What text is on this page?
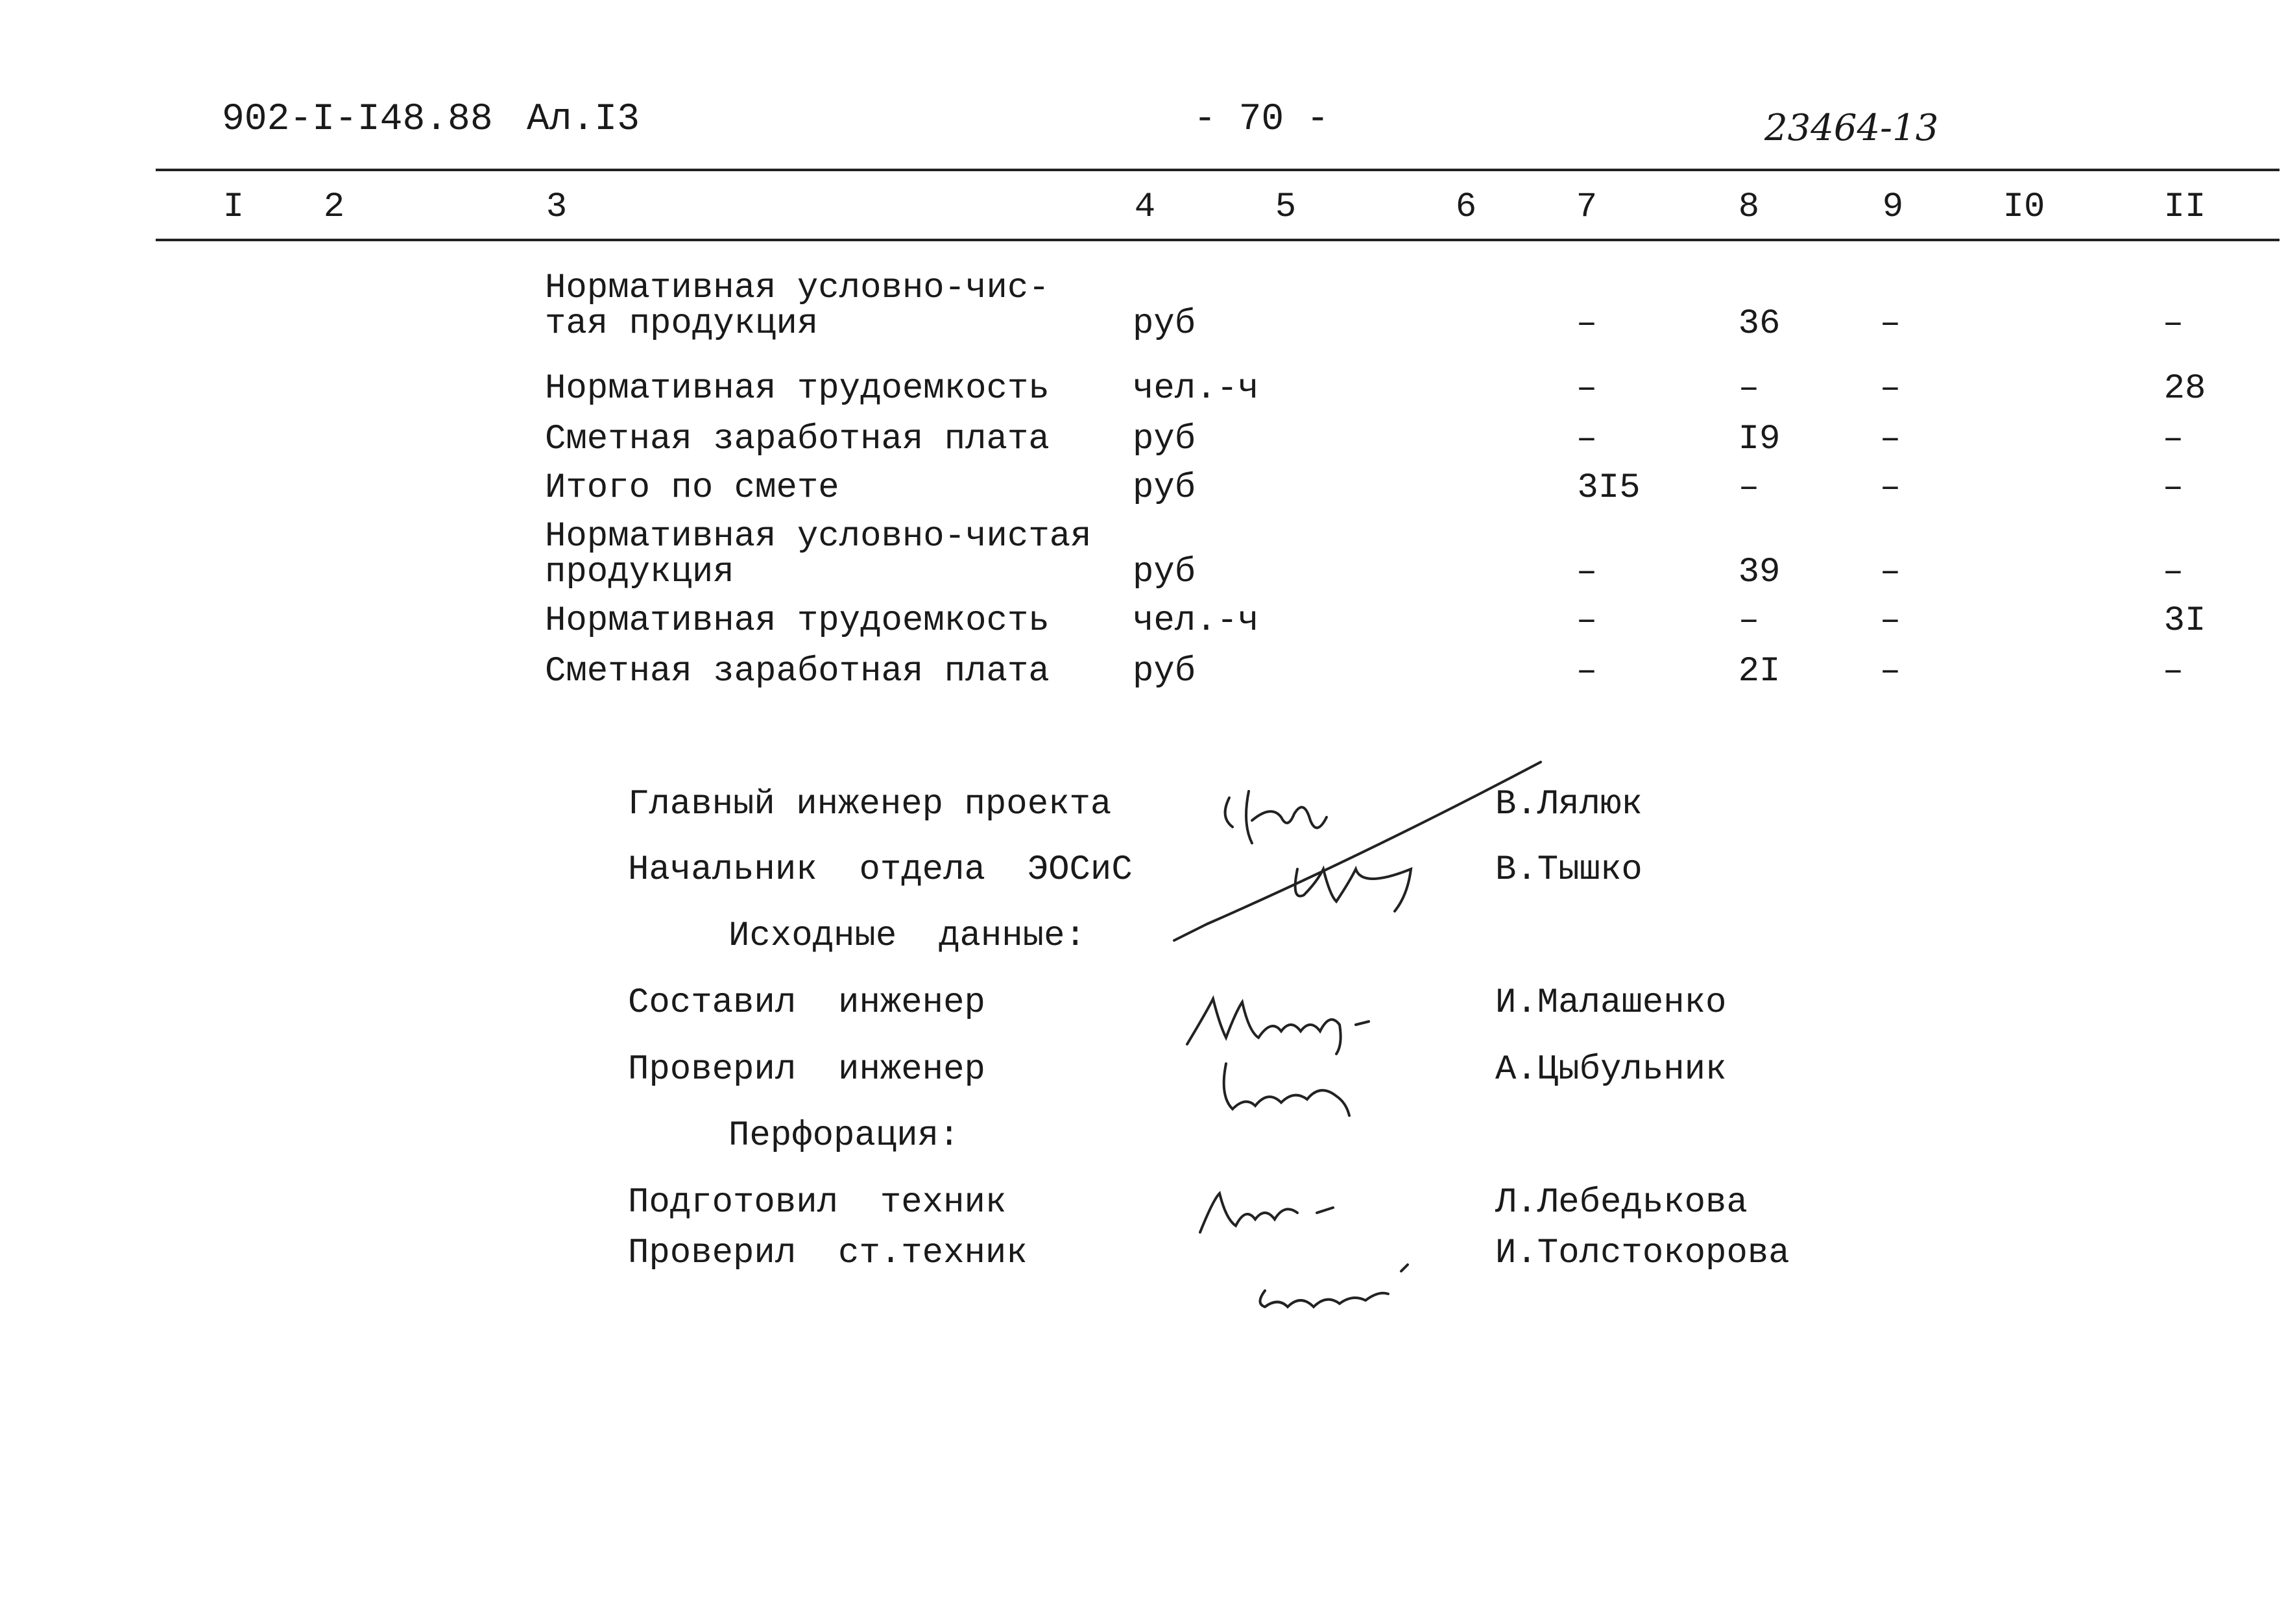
902-I-I48.88 Ал.I3	- 70 -	23464-13
I	2	3	4	5	6	7	8	9	I0	II
Нормативная условно-чис-
тая продукция	руб	–	36	–	–
Нормативная трудоемкость чел.-ч	–	–	–	28
Сметная заработная плата руб	–	I9	–	–
Итого по смете	руб	3I5	–	–	–
Нормативная условно-чистая
продукция	руб	–	39	–	–
Нормативная трудоемкость чел.-ч	–	–	–	3I
Сметная заработная плата руб	–	2I	–	–
Главный инженер проекта	В.Лялюк
Начальник  отдела  ЭОСиС	В.Тышко
Исходные  данные:
Составил  инженер	И.Малашенко
Проверил  инженер	А.Цыбульник
Перфорация:
Подготовил  техник	Л.Лебедькова
Проверил  ст.техник	И.Толстокорова
